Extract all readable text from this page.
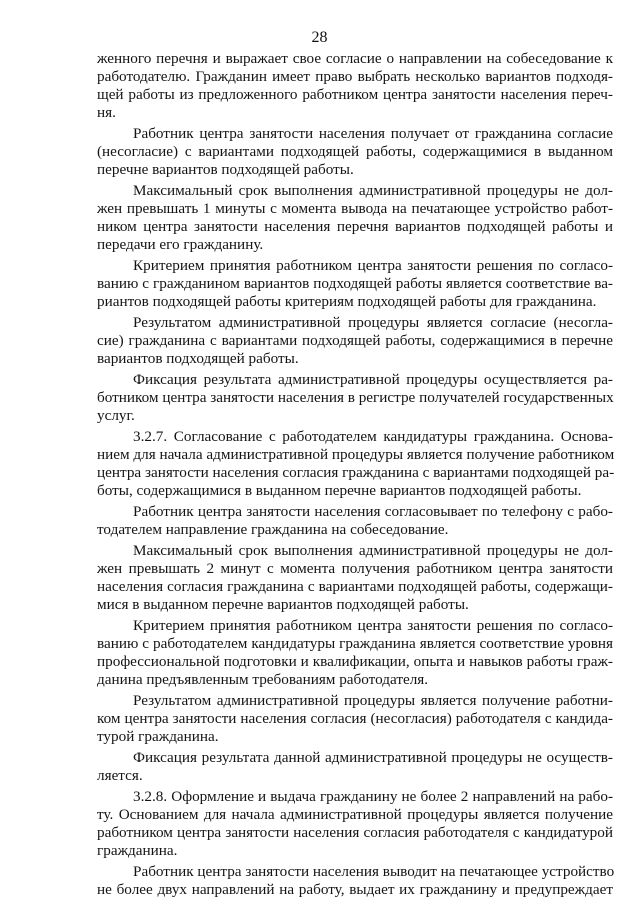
28
женного перечня и выражает свое согласие о направлении на собеседование к
работодателю. Гражданин имеет право выбрать несколько вариантов подходя-
щей работы из предложенного работником центра занятости населения переч-
ня.
Работник центра занятости населения получает от гражданина согласие
(несогласие) с вариантами подходящей работы, содержащимися в выданном
перечне вариантов подходящей работы.
Максимальный срок выполнения административной процедуры не дол-
жен превышать 1 минуты с момента вывода на печатающее устройство работ-
ником центра занятости населения перечня вариантов подходящей работы и
передачи его гражданину.
Критерием принятия работником центра занятости решения по согласо-
ванию с гражданином вариантов подходящей работы является соответствие ва-
риантов подходящей работы критериям подходящей работы для гражданина.
Результатом административной процедуры является согласие (несогла-
сие) гражданина с вариантами подходящей работы, содержащимися в перечне
вариантов подходящей работы.
Фиксация результата административной процедуры осуществляется ра-
ботником центра занятости населения в регистре получателей государственных
услуг.
3.2.7. Согласование с работодателем кандидатуры гражданина. Основа-
нием для начала административной процедуры является получение работником
центра занятости населения согласия гражданина с вариантами подходящей ра-
боты, содержащимися в выданном перечне вариантов подходящей работы.
Работник центра занятости населения согласовывает по телефону с рабо-
тодателем направление гражданина на собеседование.
Максимальный срок выполнения административной процедуры не дол-
жен превышать 2 минут с момента получения работником центра занятости
населения согласия гражданина с вариантами подходящей работы, содержащи-
мися в выданном перечне вариантов подходящей работы.
Критерием принятия работником центра занятости решения по согласо-
ванию с работодателем кандидатуры гражданина является соответствие уровня
профессиональной подготовки и квалификации, опыта и навыков работы граж-
данина предъявленным требованиям работодателя.
Результатом административной процедуры является получение работни-
ком центра занятости населения согласия (несогласия) работодателя с кандида-
турой гражданина.
Фиксация результата данной административной процедуры не осуществ-
ляется.
3.2.8. Оформление и выдача гражданину не более 2 направлений на рабо-
ту. Основанием для начала административной процедуры является получение
работником центра занятости населения согласия работодателя с кандидатурой
гражданина.
Работник центра занятости населения выводит на печатающее устройство
не более двух направлений на работу, выдает их гражданину и предупреждает
